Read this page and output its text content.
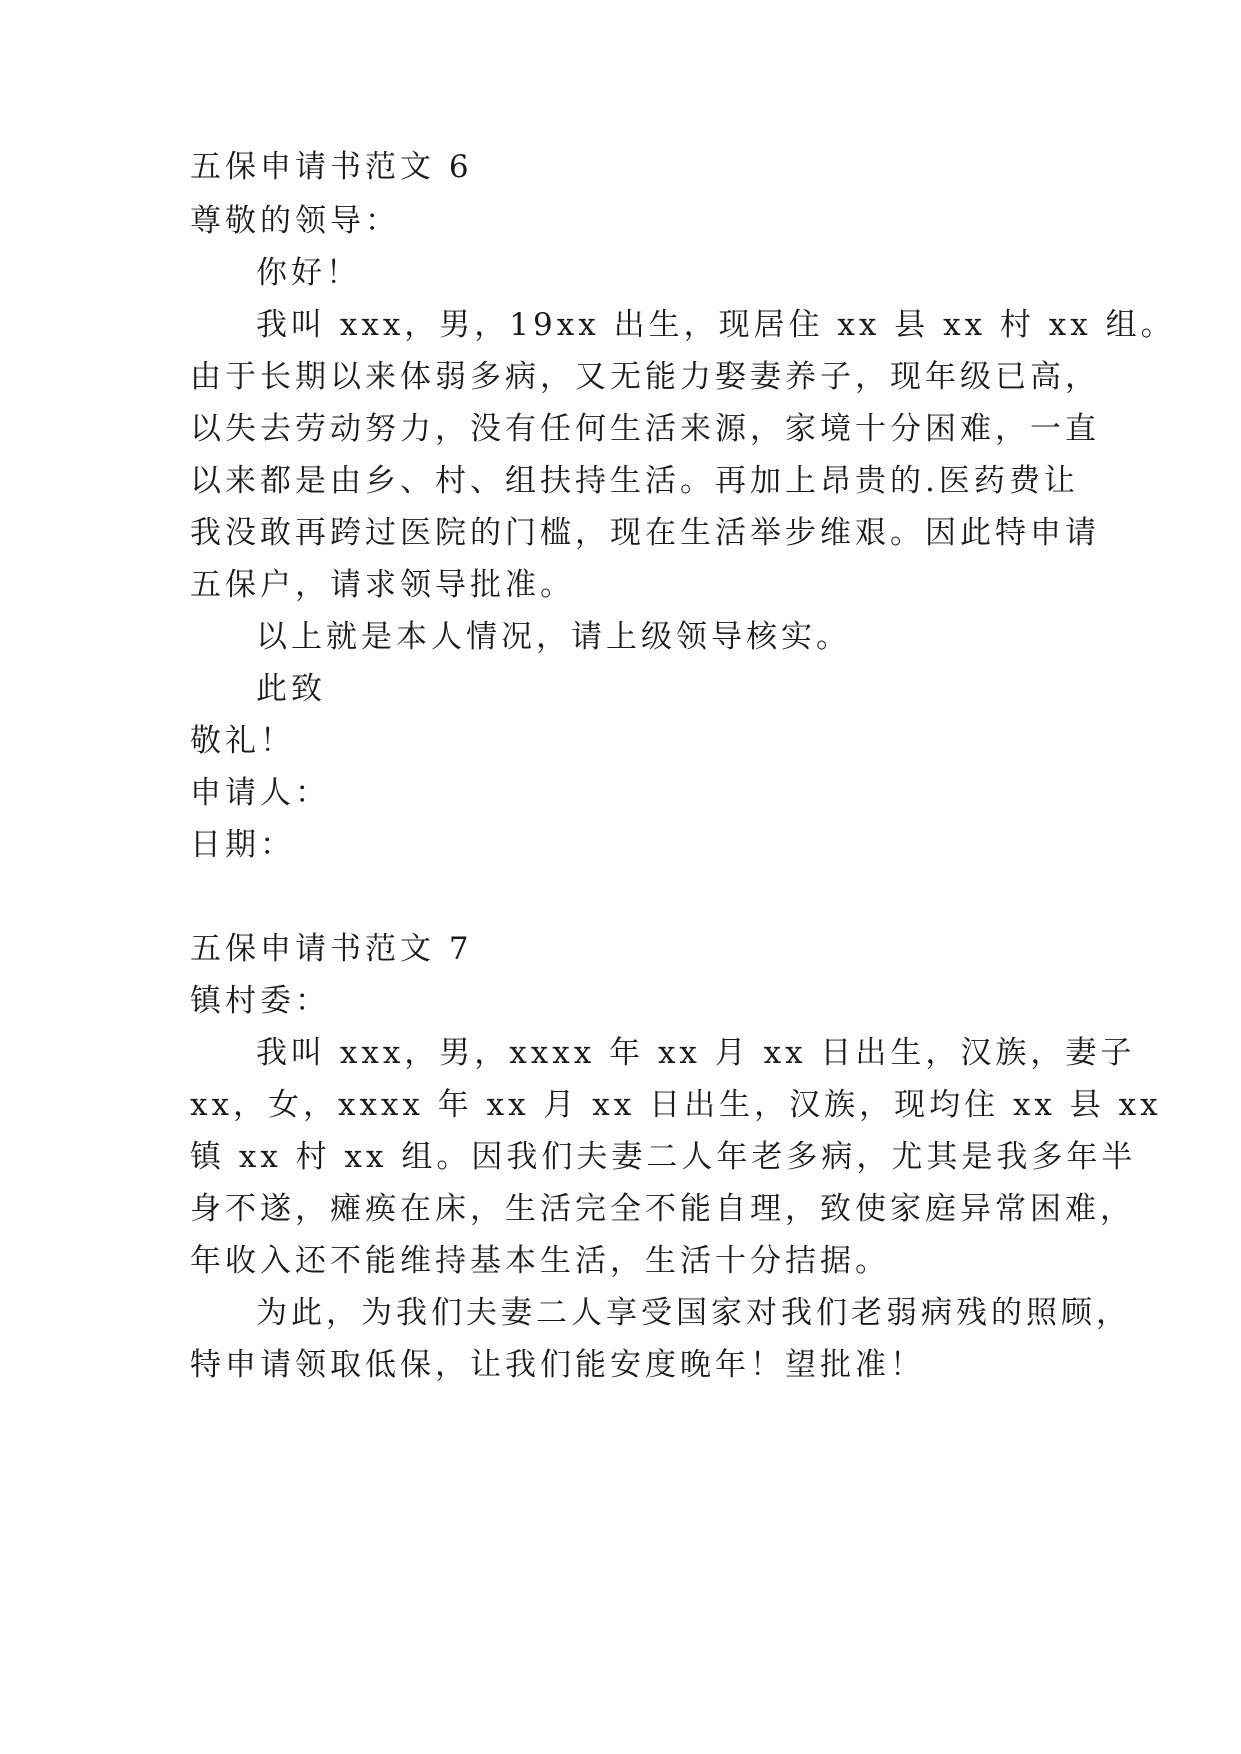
五保申请书范文 6
尊敬的领导：
你好！
我叫 xxx，男，19xx 出生，现居住 xx 县 xx 村 xx 组。
由于长期以来体弱多病，又无能力娶妻养子，现年级已高，
以失去劳动努力，没有任何生活来源，家境十分困难，一直
以来都是由乡、村、组扶持生活。再加上昂贵的.医药费让
我没敢再跨过医院的门槛，现在生活举步维艰。因此特申请
五保户，请求领导批准。
以上就是本人情况，请上级领导核实。
此致
敬礼！
申请人：
日期：
五保申请书范文 7
镇村委：
我叫 xxx，男，xxxx 年 xx 月 xx 日出生，汉族，妻子
xx，女，xxxx 年 xx 月 xx 日出生，汉族，现均住 xx 县 xx
镇 xx 村 xx 组。因我们夫妻二人年老多病，尤其是我多年半
身不遂，瘫痪在床，生活完全不能自理，致使家庭异常困难，
年收入还不能维持基本生活，生活十分拮据。
为此，为我们夫妻二人享受国家对我们老弱病残的照顾，
特申请领取低保，让我们能安度晚年！望批准！
